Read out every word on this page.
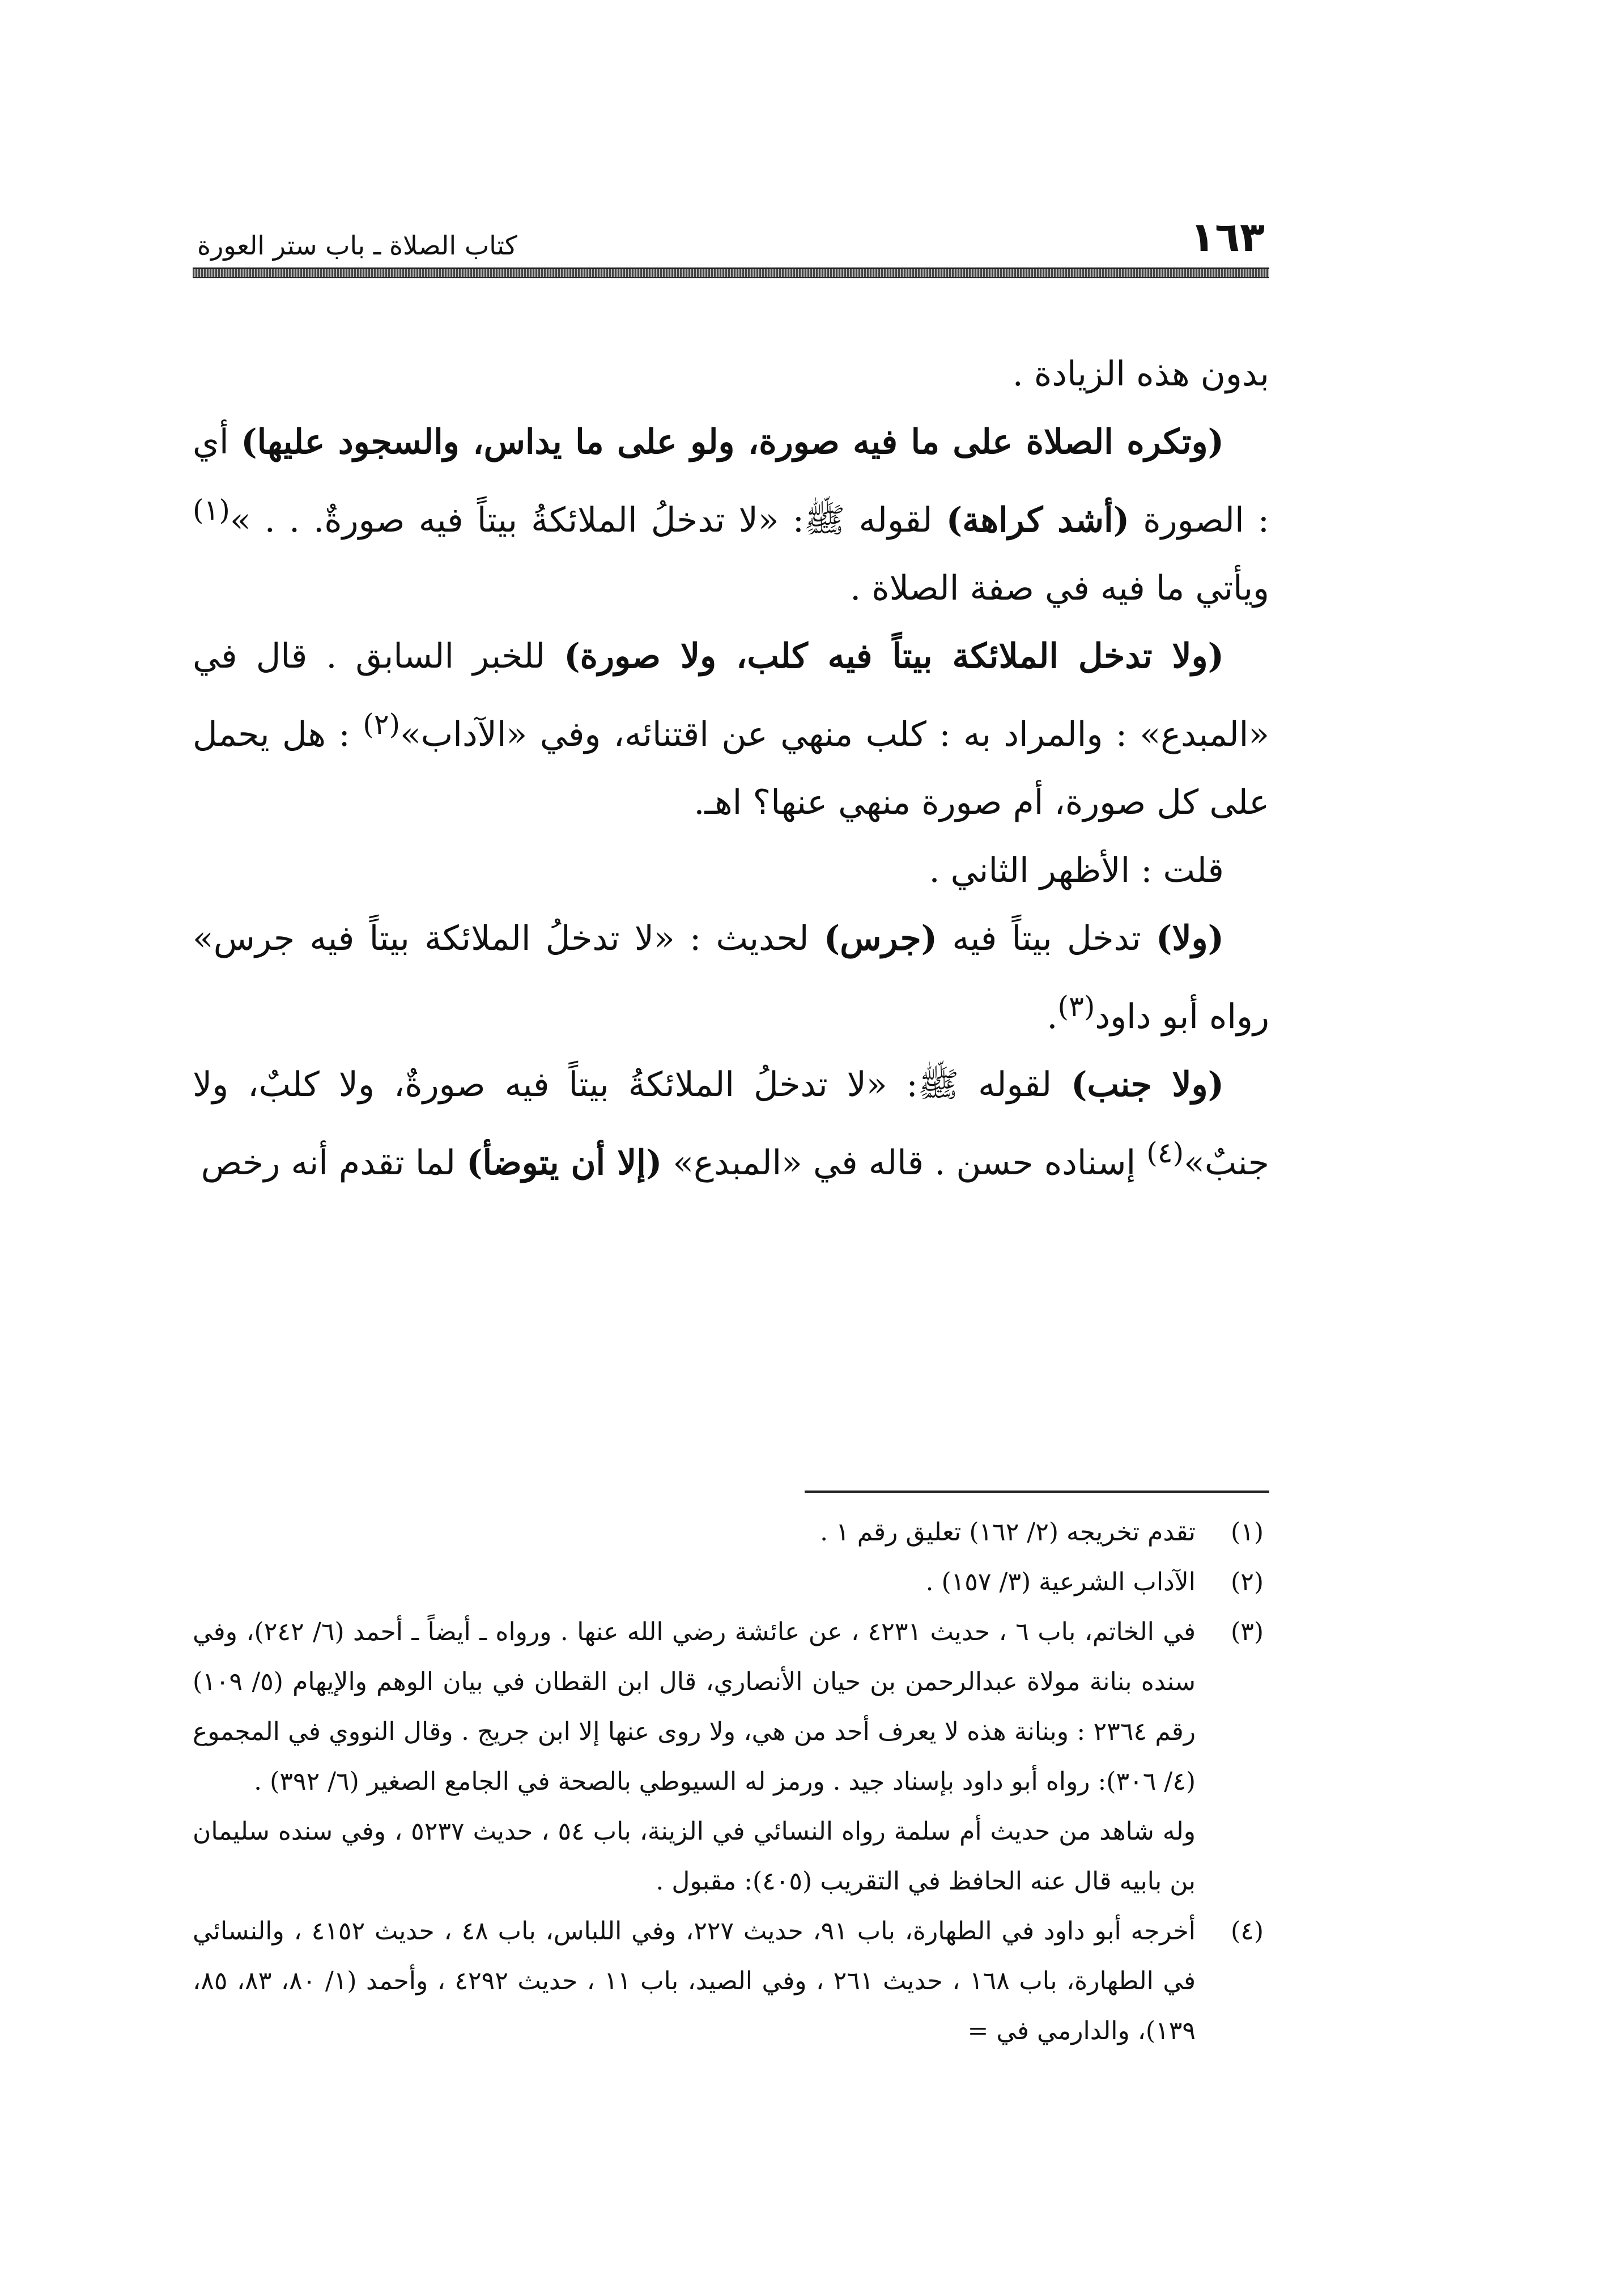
١٦٣
كتاب الصلاة ـ باب ستر العورة

بدون هذه الزيادة .

(وتكره الصلاة على ما فيه صورة، ولو على ما يداس، والسجود عليها) أي : الصورة (أشد كراهة) لقوله ﷺ: «لا تدخلُ الملائكةُ بيتاً فيه صورةٌ. . . »$^{(١)}$ ويأتي ما فيه في صفة الصلاة .

(ولا تدخل الملائكة بيتاً فيه كلب، ولا صورة) للخبر السابق . قال في «المبدع» : والمراد به : كلب منهي عن اقتنائه، وفي «الآداب»$^{(٢)}$ : هل يحمل على كل صورة، أم صورة منهي عنها؟ اهـ.

قلت : الأظهر الثاني .

(ولا) تدخل بيتاً فيه (جرس) لحديث : «لا تدخلُ الملائكة بيتاً فيه جرس» رواه أبو داود$^{(٣)}$.

(ولا جنب) لقوله ﷺ: «لا تدخلُ الملائكةُ بيتاً فيه صورةٌ، ولا كلبٌ، ولا جنبٌ»$^{(٤)}$ إسناده حسن . قاله في «المبدع» (إلا أن يتوضأ) لما تقدم أنه رخص

(١)

تقدم تخريجه (٢/ ١٦٢) تعليق رقم ١ .

(٢)

الآداب الشرعية (٣/ ١٥٧) .

(٣)

في الخاتم، باب ٦ ، حديث ٤٢٣١ ، عن عائشة رضي الله عنها . ورواه ـ أيضاً ـ أحمد (٦/ ٢٤٢)، وفي سنده بنانة مولاة عبدالرحمن بن حيان الأنصاري، قال ابن القطان في بيان الوهم والإيهام (٥/ ١٠٩) رقم ٢٣٦٤ : وبنانة هذه لا يعرف أحد من هي، ولا روى عنها إلا ابن جريج . وقال النووي في المجموع (٤/ ٣٠٦): رواه أبو داود بإسناد جيد . ورمز له السيوطي بالصحة في الجامع الصغير (٦/ ٣٩٢) .

وله شاهد من حديث أم سلمة رواه النسائي في الزينة، باب ٥٤ ، حديث ٥٢٣٧ ، وفي سنده سليمان بن بابيه قال عنه الحافظ في التقريب (٤٠٥): مقبول .

(٤)

أخرجه أبو داود في الطهارة، باب ٩١، حديث ٢٢٧، وفي اللباس، باب ٤٨ ، حديث ٤١٥٢ ، والنسائي في الطهارة، باب ١٦٨ ، حديث ٢٦١ ، وفي الصيد، باب ١١ ، حديث ٤٢٩٢ ، وأحمد (١/ ٨٠، ٨٣، ٨٥، ١٣٩)، والدارمي في =
